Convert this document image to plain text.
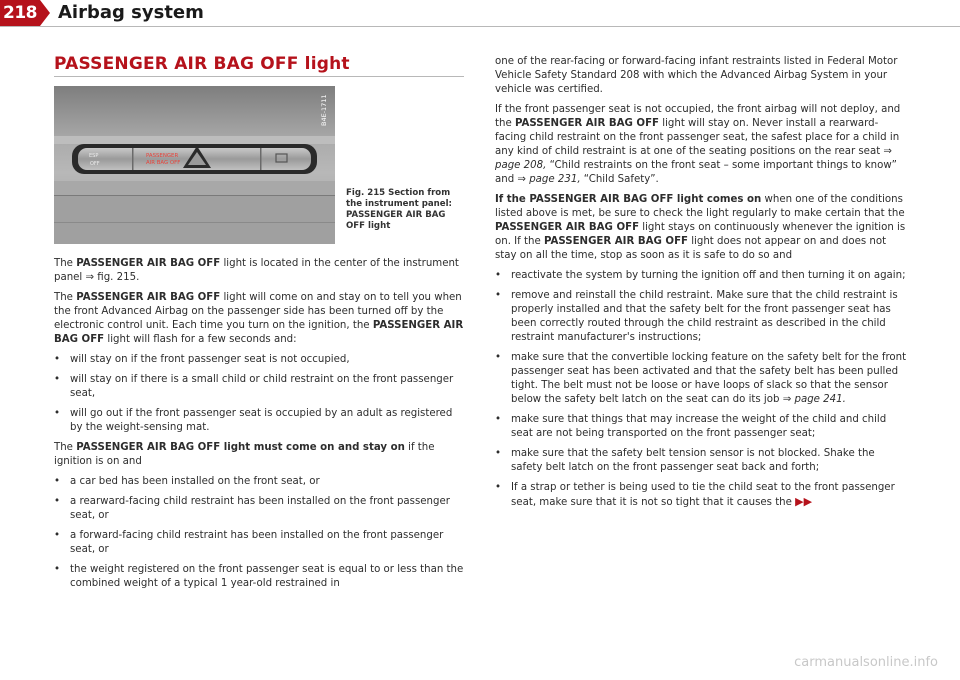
218 Airbag system
PASSENGER AIR BAG OFF light
B4E-1711
ESP
OFF
PASSENGER
AIR BAG OFF
Fig. 215 Section from
the instrument panel:
PASSENGER AIR BAG
OFF light

The PASSENGER AIR BAG OFF light is located in the center of the instrument panel ⇒ fig. 215.

The PASSENGER AIR BAG OFF light will come on and stay on to tell you when the front Advanced Airbag on the passenger side has been turned off by the electronic control unit. Each time you turn on the ignition, the PASSENGER AIR BAG OFF light will flash for a few seconds and:

• will stay on if the front passenger seat is not occupied,

• will stay on if there is a small child or child restraint on the front passenger seat,

• will go out if the front passenger seat is occupied by an adult as registered by the weight-sensing mat.

The PASSENGER AIR BAG OFF light must come on and stay on if the ignition is on and

• a car bed has been installed on the front seat, or

• a rearward-facing child restraint has been installed on the front passenger seat, or

• a forward-facing child restraint has been installed on the front passenger seat, or

• the weight registered on the front passenger seat is equal to or less than the combined weight of a typical 1 year-old restrained in

one of the rear-facing or forward-facing infant restraints listed in Federal Motor Vehicle Safety Standard 208 with which the Advanced Airbag System in your vehicle was certified.

If the front passenger seat is not occupied, the front airbag will not deploy, and the PASSENGER AIR BAG OFF light will stay on. Never install a rearward-facing child restraint on the front passenger seat, the safest place for a child in any kind of child restraint is at one of the seating positions on the rear seat ⇒ page 208, “Child restraints on the front seat – some important things to know” and ⇒ page 231, “Child Safety”.

If the PASSENGER AIR BAG OFF light comes on when one of the conditions listed above is met, be sure to check the light regularly to make certain that the PASSENGER AIR BAG OFF light stays on continuously whenever the ignition is on. If the PASSENGER AIR BAG OFF light does not appear on and does not stay on all the time, stop as soon as it is safe to do so and

• reactivate the system by turning the ignition off and then turning it on again;

• remove and reinstall the child restraint. Make sure that the child restraint is properly installed and that the safety belt for the front passenger seat has been correctly routed through the child restraint as described in the child restraint manufacturer's instructions;

• make sure that the convertible locking feature on the safety belt for the front passenger seat has been activated and that the safety belt has been pulled tight. The belt must not be loose or have loops of slack so that the sensor below the safety belt latch on the seat can do its job ⇒ page 241.

• make sure that things that may increase the weight of the child and child seat are not being transported on the front passenger seat;

• make sure that the safety belt tension sensor is not blocked. Shake the safety belt latch on the front passenger seat back and forth;

• If a strap or tether is being used to tie the child seat to the front passenger seat, make sure that it is not so tight that it causes the ▶▶

carmanualsonline.info
